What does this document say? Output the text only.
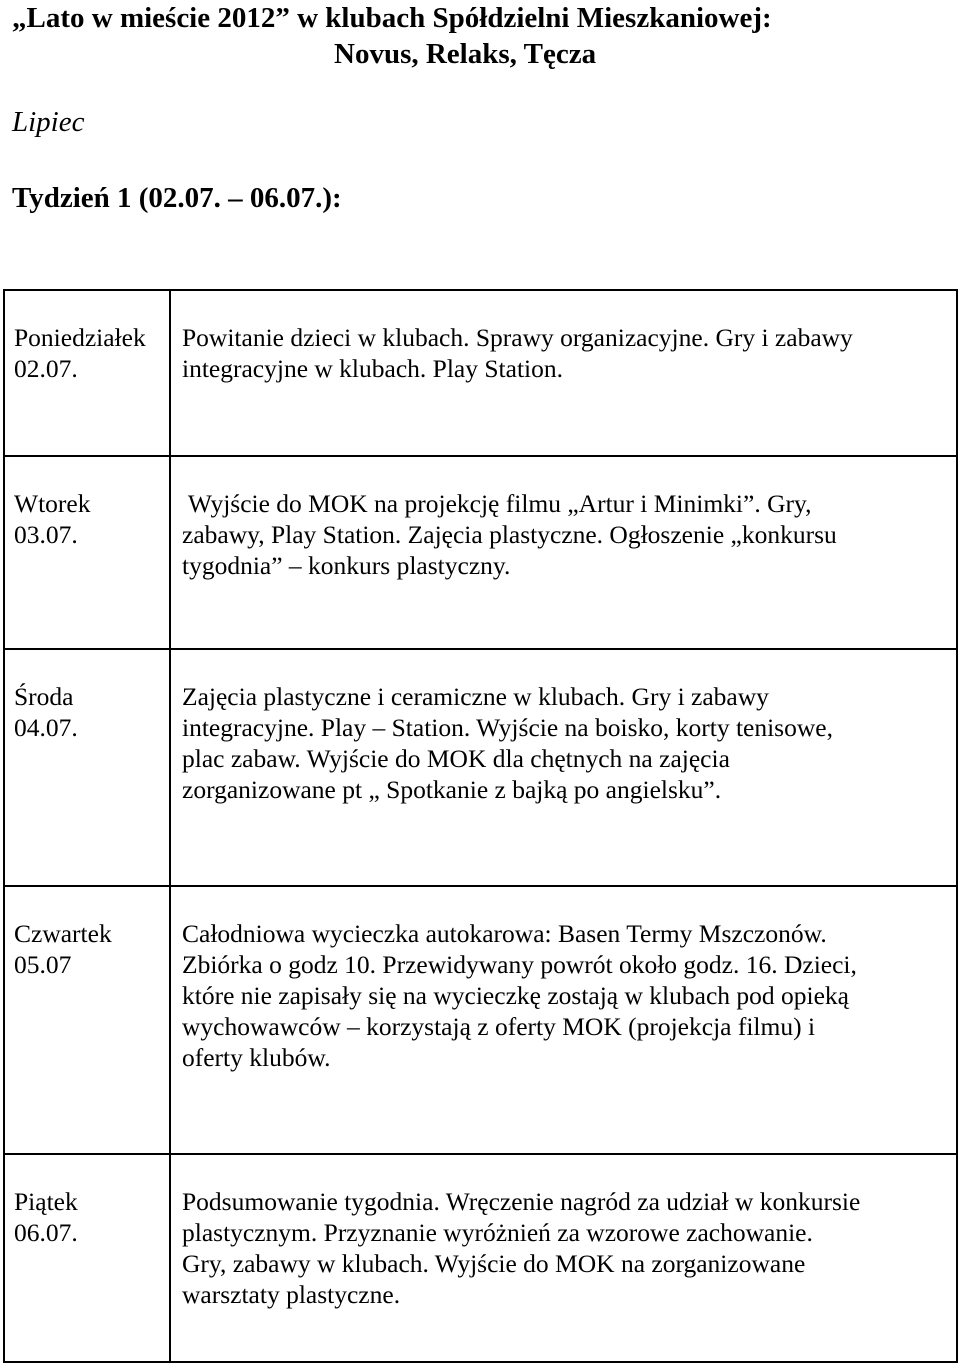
„Lato w mieście 2012” w klubach Spółdzielni Mieszkaniowej:
Novus, Relaks, Tęcza

Lipiec

Tydzień 1 (02.07. – 06.07.):

Poniedziałek
02.07.	Powitanie dzieci w klubach. Sprawy organizacyjne. Gry i zabawy
integracyjne w klubach. Play Station.

Wtorek
03.07.	Wyjście do MOK na projekcję filmu „Artur i Minimki”. Gry,
zabawy, Play Station. Zajęcia plastyczne. Ogłoszenie „konkursu
tygodnia” – konkurs plastyczny.

Środa
04.07.	Zajęcia plastyczne i ceramiczne w klubach. Gry i zabawy
integracyjne. Play – Station. Wyjście na boisko, korty tenisowe,
plac zabaw. Wyjście do MOK dla chętnych na zajęcia
zorganizowane pt „ Spotkanie z bajką po angielsku”.

Czwartek
05.07	Całodniowa wycieczka autokarowa: Basen Termy Mszczonów.
Zbiórka o godz 10. Przewidywany powrót około godz. 16. Dzieci,
które nie zapisały się na wycieczkę zostają w klubach pod opieką
wychowawców – korzystają z oferty MOK (projekcja filmu) i
oferty klubów.

Piątek
06.07.	Podsumowanie tygodnia. Wręczenie nagród za udział w konkursie
plastycznym. Przyznanie wyróżnień za wzorowe zachowanie.
Gry, zabawy w klubach. Wyjście do MOK na zorganizowane
warsztaty plastyczne.
